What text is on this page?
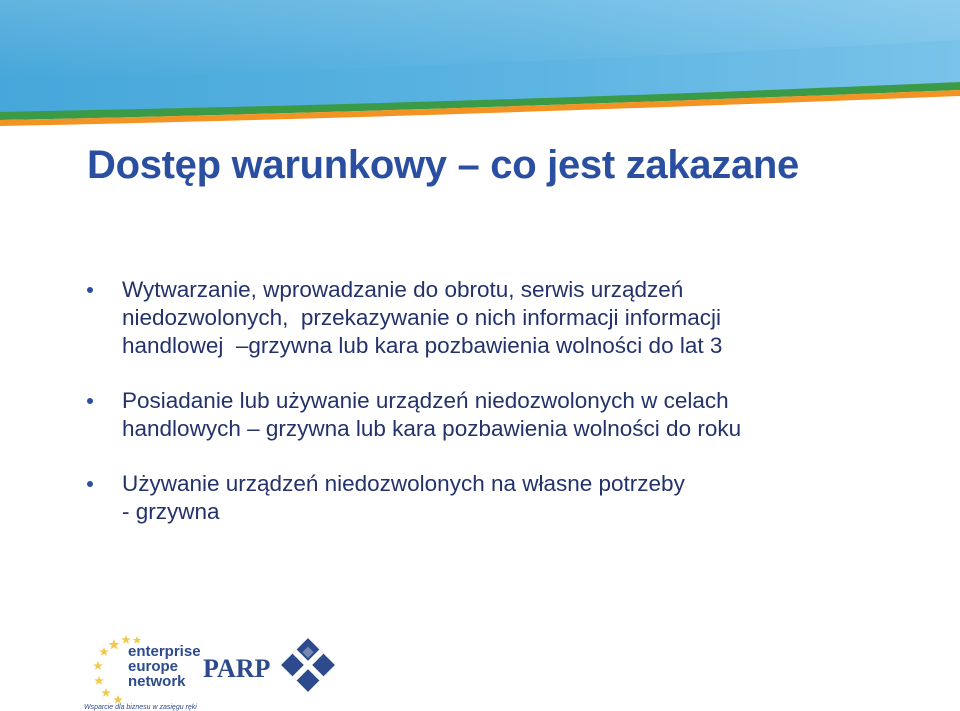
Dostęp warunkowy – co jest zakazane
Wytwarzanie, wprowadzanie do obrotu, serwis urządzeń
niedozwolonych,  przekazywanie o nich informacji informacji
handlowej  –grzywna lub kara pozbawienia wolności do lat 3
Posiadanie lub używanie urządzeń niedozwolonych w celach
handlowych – grzywna lub kara pozbawienia wolności do roku
Używanie urządzeń niedozwolonych na własne potrzeby
- grzywna
enterprise
europe
network
Wsparcie dla biznesu w zasięgu ręki
PARP
